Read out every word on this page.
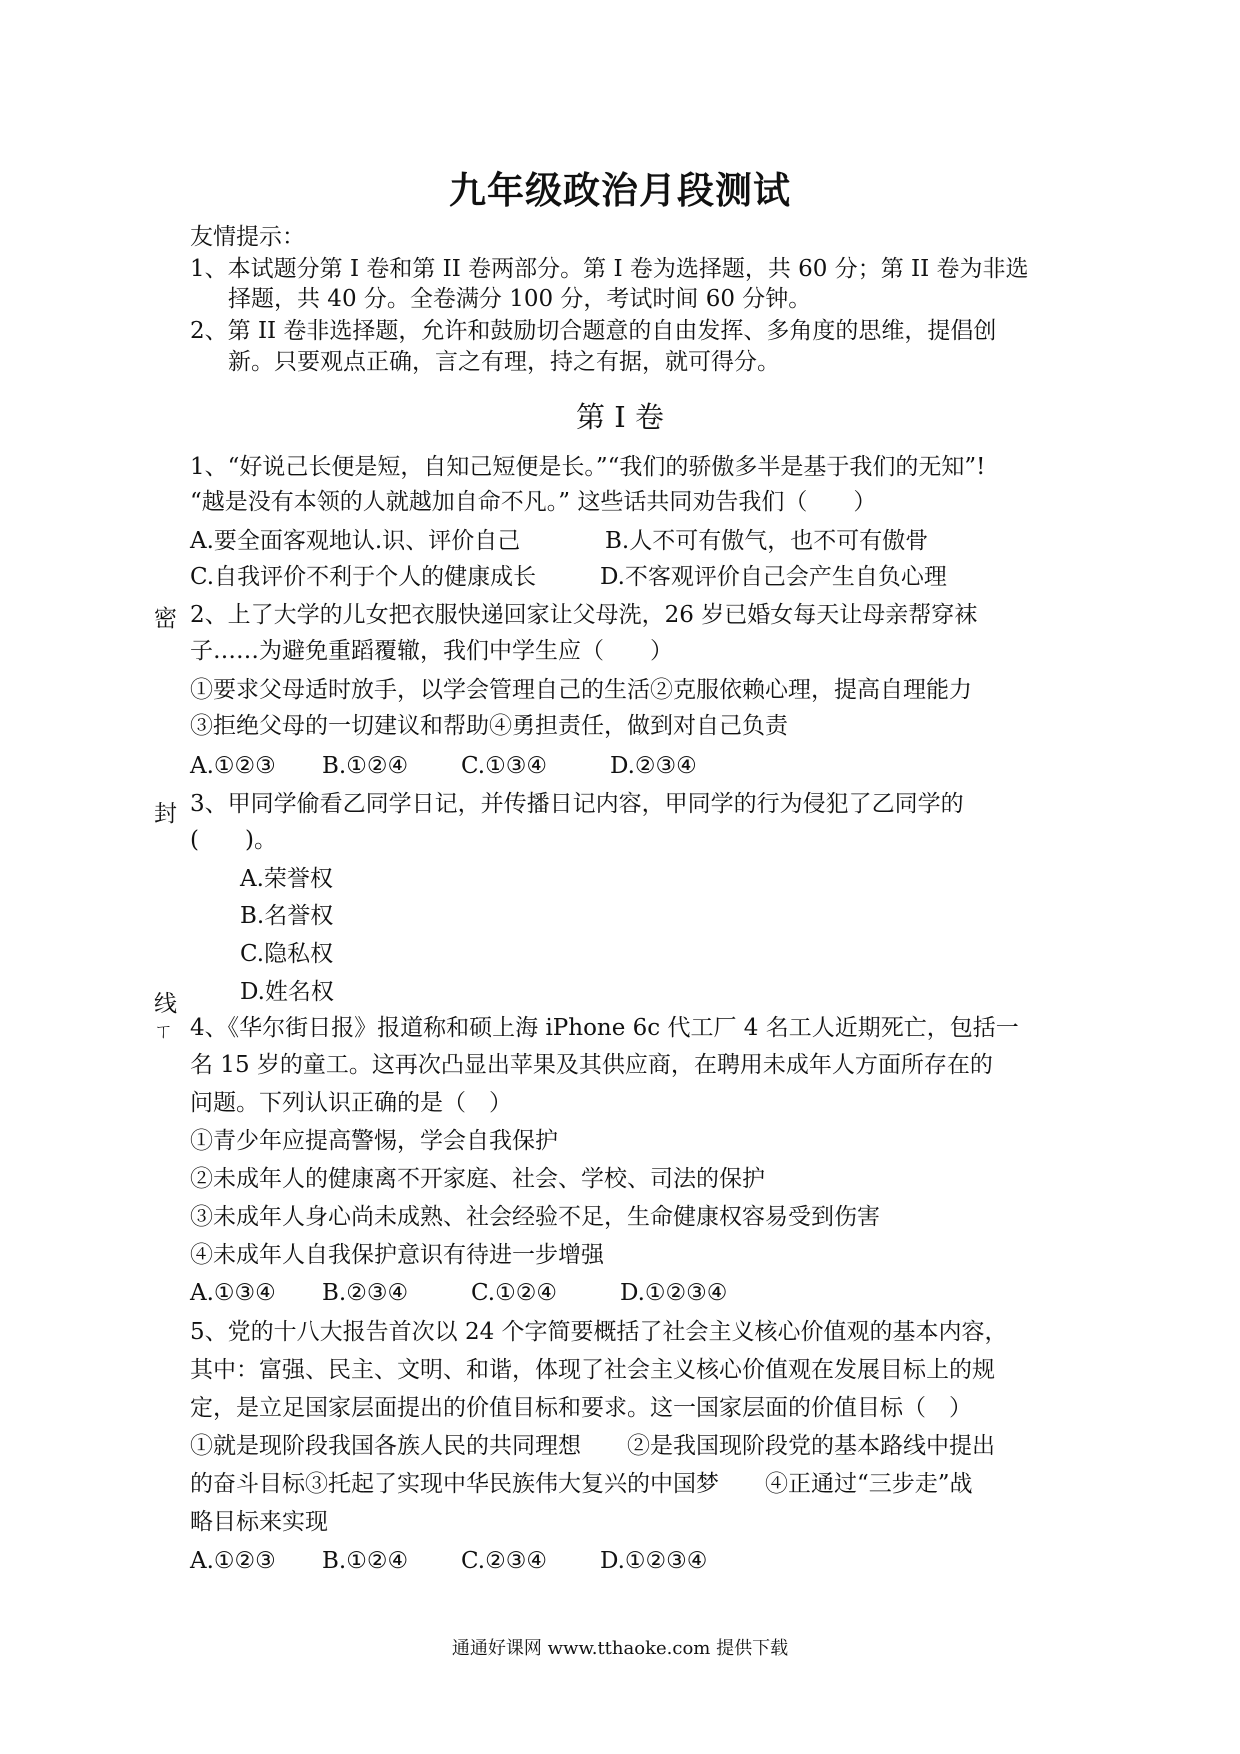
九年级政治月段测试
友情提示：
1、本试题分第 I 卷和第 II 卷两部分。第 I 卷为选择题，共 60 分；第 II 卷为非选
择题，共 40 分。全卷满分 100 分，考试时间 60 分钟。
2、第 II 卷非选择题，允许和鼓励切合题意的自由发挥、多角度的思维，提倡创
新。只要观点正确，言之有理，持之有据，就可得分。
第 I 卷
1、“好说己长便是短，自知己短便是长。”“我们的骄傲多半是基于我们的无知”!
“越是没有本领的人就越加自命不凡。” 这些话共同劝告我们（　　）
A.要全面客观地认.识、评价自己	B.人不可有傲气，也不可有傲骨
C.自我评价不利于个人的健康成长	D.不客观评价自己会产生自负心理
密 2、上了大学的儿女把衣服快递回家让父母洗，26 岁已婚女每天让母亲帮穿袜
子……为避免重蹈覆辙，我们中学生应（　　）
①要求父母适时放手，以学会管理自己的生活②克服依赖心理，提高自理能力
③拒绝父母的一切建议和帮助④勇担责任，做到对自己负责
A.①②③ B.①②④ C.①③④	D.②③④
封 3、甲同学偷看乙同学日记，并传播日记内容，甲同学的行为侵犯了乙同学的
(　　)。
A.荣誉权
B.名誉权
C.隐私权
D.姓名权
线
ㄒ 4、《华尔街日报》报道称和硕上海 iPhone 6c 代工厂 4 名工人近期死亡，包括一
名 15 岁的童工。这再次凸显出苹果及其供应商，在聘用未成年人方面所存在的
问题。下列认识正确的是（　）
①青少年应提高警惕，学会自我保护
②未成年人的健康离不开家庭、社会、学校、司法的保护
③未成年人身心尚未成熟、社会经验不足，生命健康权容易受到伤害
④未成年人自我保护意识有待进一步增强
A.①③④ B.②③④	C.①②④	D.①②③④
5、党的十八大报告首次以 24 个字简要概括了社会主义核心价值观的基本内容，
其中：富强、民主、文明、和谐，体现了社会主义核心价值观在发展目标上的规
定，是立足国家层面提出的价值目标和要求。这一国家层面的价值目标（　）
①就是现阶段我国各族人民的共同理想　　②是我国现阶段党的基本路线中提出
的奋斗目标③托起了实现中华民族伟大复兴的中国梦　　④正通过“三步走”战
略目标来实现
A.①②③ B.①②④ C.②③④ D.①②③④
通通好课网 www.tthaoke.com 提供下载
